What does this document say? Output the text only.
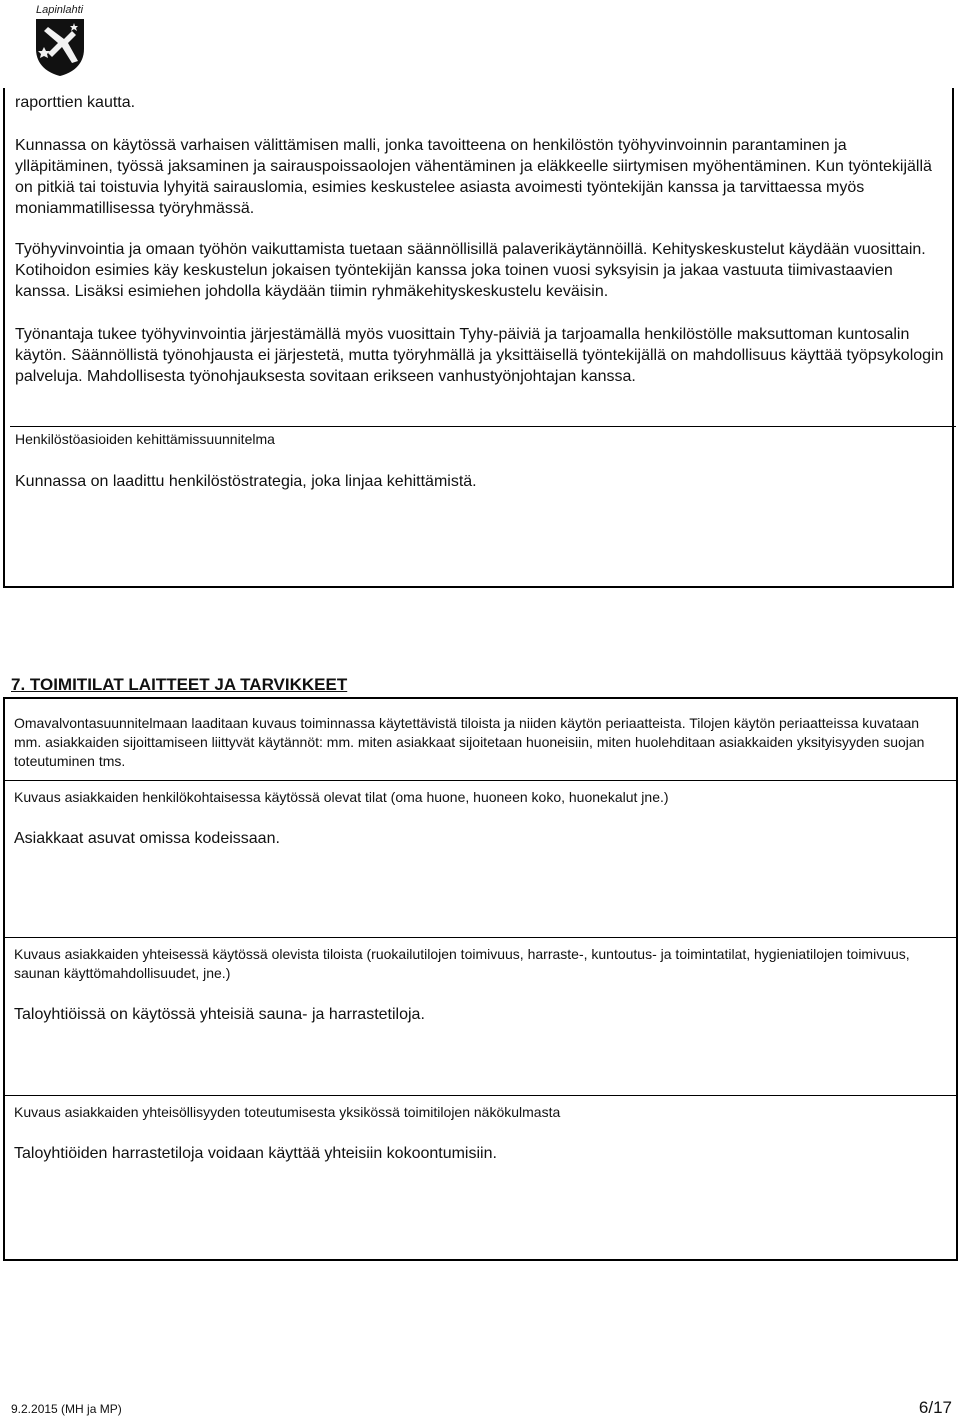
Lapinlahti

raporttien kautta.

Kunnassa on käytössä varhaisen välittämisen malli, jonka tavoitteena on henkilöstön työhyvinvoinnin parantaminen ja ylläpitäminen, työssä jaksaminen ja sairauspoissaolojen vähentäminen ja eläkkeelle siirtymisen myöhentäminen. Kun työntekijällä on pitkiä tai toistuvia lyhyitä sairauslomia, esimies keskustelee asiasta avoimesti työntekijän kanssa ja tarvittaessa myös moniammatillisessa työryhmässä.

Työhyvinvointia ja omaan työhön vaikuttamista tuetaan säännöllisillä palaverikäytännöillä. Kehityskeskustelut käydään vuosittain. Kotihoidon esimies käy keskustelun jokaisen työntekijän kanssa joka toinen vuosi syksyisin ja jakaa vastuuta tiimivastaavien kanssa. Lisäksi esimiehen johdolla käydään tiimin ryhmäkehityskeskustelu keväisin.

Työnantaja tukee työhyvinvointia järjestämällä myös vuosittain Tyhy-päiviä ja tarjoamalla henkilöstölle maksuttoman kuntosalin käytön. Säännöllistä työnohjausta ei järjestetä, mutta työryhmällä ja yksittäisellä työntekijällä on mahdollisuus käyttää työpsykologin palveluja. Mahdollisesta työnohjauksesta sovitaan erikseen vanhustyönjohtajan kanssa.

Henkilöstöasioiden kehittämissuunnitelma

Kunnassa on laadittu henkilöstöstrategia, joka linjaa kehittämistä.

7. TOIMITILAT LAITTEET JA TARVIKKEET

Omavalvontasuunnitelmaan laaditaan kuvaus toiminnassa käytettävistä tiloista ja niiden käytön periaatteista. Tilojen käytön periaatteissa kuvataan mm. asiakkaiden sijoittamiseen liittyvät käytännöt: mm. miten asiakkaat sijoitetaan huoneisiin, miten huolehditaan asiakkaiden yksityisyyden suojan toteutuminen tms.

Kuvaus asiakkaiden henkilökohtaisessa käytössä olevat tilat (oma huone, huoneen koko, huonekalut jne.)

Asiakkaat asuvat omissa kodeissaan.

Kuvaus asiakkaiden yhteisessä käytössä olevista tiloista (ruokailutilojen toimivuus, harraste-, kuntoutus- ja toimintatilat, hygieniatilojen toimivuus, saunan käyttömahdollisuudet, jne.)

Taloyhtiöissä on käytössä yhteisiä sauna- ja harrastetiloja.

Kuvaus asiakkaiden yhteisöllisyyden toteutumisesta yksikössä toimitilojen näkökulmasta

Taloyhtiöiden harrastetiloja voidaan käyttää yhteisiin kokoontumisiin.

9.2.2015 (MH ja MP)	6/17
